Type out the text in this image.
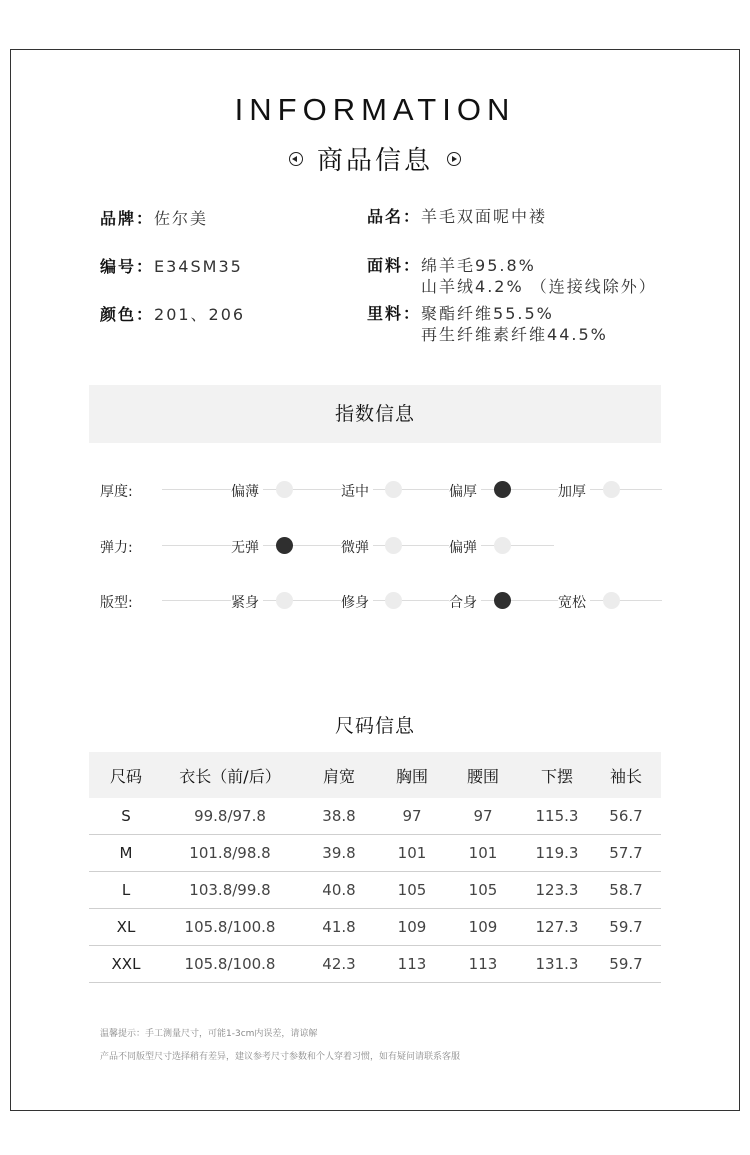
INFORMATION
商品信息
品牌： 佐尔美	品名： 羊毛双面呢中褛
编号： E34SM35	面料： 绵羊毛95.8%
山羊绒4.2% （连接线除外）
颜色： 201、206	里料： 聚酯纤维55.5%
再生纤维素纤维44.5%
指数信息
厚度:	偏薄	适中	偏厚	加厚
弹力:	无弹	微弹	偏弹
版型:	紧身	修身	合身	宽松
尺码信息
尺码	衣长（前/后）	肩宽	胸围	腰围	下摆	袖长
S	99.8/97.8	38.8	97	97	115.3	56.7
M	101.8/98.8	39.8	101	101	119.3	57.7
L	103.8/99.8	40.8	105	105	123.3	58.7
XL	105.8/100.8	41.8	109	109	127.3	59.7
XXL	105.8/100.8	42.3	113	113	131.3	59.7
温馨提示：手工测量尺寸，可能1-3cm内误差，请谅解
产品不同版型尺寸选择稍有差异，建议参考尺寸参数和个人穿着习惯，如有疑问请联系客服
